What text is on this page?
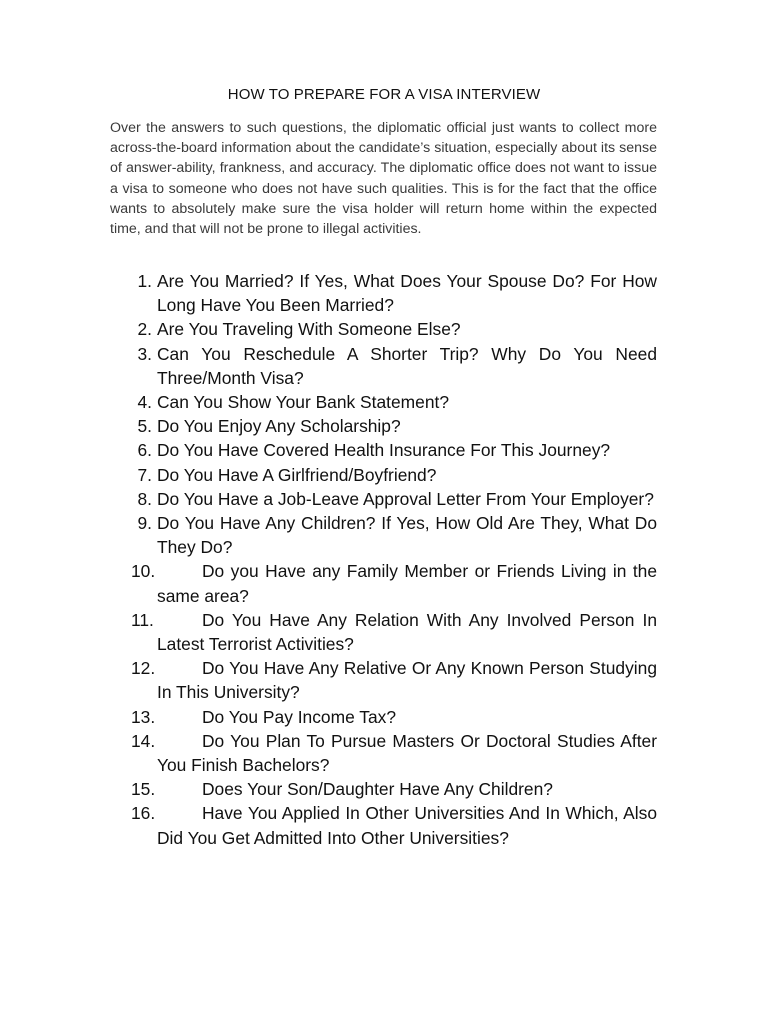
HOW TO PREPARE FOR A VISA INTERVIEW

Over the answers to such questions, the diplomatic official just wants to collect more across-the-board information about the candidate’s situation, especially about its sense of answer-ability, frankness, and accuracy. The diplomatic office does not want to issue a visa to someone who does not have such qualities. This is for the fact that the office wants to absolutely make sure the visa holder will return home within the expected time, and that will not be prone to illegal activities.

1. Are You Married? If Yes, What Does Your Spouse Do? For How Long Have You Been Married?
2. Are You Traveling With Someone Else?
3. Can You Reschedule A Shorter Trip? Why Do You Need Three/Month Visa?
4. Can You Show Your Bank Statement?
5. Do You Enjoy Any Scholarship?
6. Do You Have Covered Health Insurance For This Journey?
7. Do You Have A Girlfriend/Boyfriend?
8. Do You Have a Job-Leave Approval Letter From Your Employer?
9. Do You Have Any Children? If Yes, How Old Are They, What Do They Do?
10.	Do you Have any Family Member or Friends Living in the same area?
11.	Do You Have Any Relation With Any Involved Person In Latest Terrorist Activities?
12.	Do You Have Any Relative Or Any Known Person Studying In This University?
13.	Do You Pay Income Tax?
14.	Do You Plan To Pursue Masters Or Doctoral Studies After You Finish Bachelors?
15.	Does Your Son/Daughter Have Any Children?
16.	Have You Applied In Other Universities And In Which, Also Did You Get Admitted Into Other Universities?
